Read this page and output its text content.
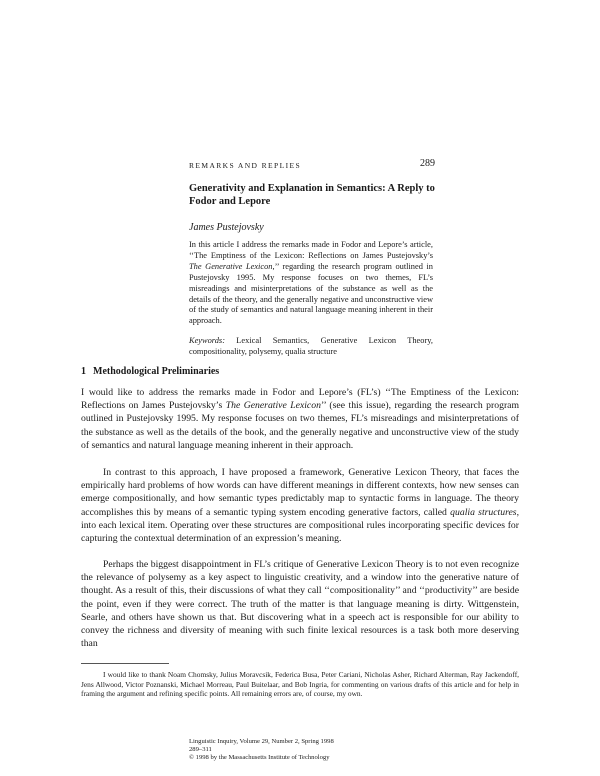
REMARKS AND REPLIES	289
Generativity and Explanation in Semantics: A Reply to
Fodor and Lepore
James Pustejovsky
In this article I address the remarks made in Fodor and Lepore’s article, ‘‘The Emptiness of the Lexicon: Reflections on James Pustejovsky’s The Generative Lexicon,’’ regarding the research program outlined in Pustejovsky 1995. My response focuses on two themes, FL’s misreadings and misinterpretations of the substance as well as the details of the theory, and the generally negative and unconstructive view of the study of semantics and natural language meaning inherent in their approach.
Keywords: Lexical Semantics, Generative Lexicon Theory, compositionality, polysemy, qualia structure
1 Methodological Preliminaries

I would like to address the remarks made in Fodor and Lepore’s (FL’s) ‘‘The Emptiness of the Lexicon: Reflections on James Pustejovsky’s The Generative Lexicon’’ (see this issue), regarding the research program outlined in Pustejovsky 1995. My response focuses on two themes, FL’s misreadings and misinterpretations of the substance as well as the details of the book, and the generally negative and unconstructive view of the study of semantics and natural language meaning inherent in their approach.

In contrast to this approach, I have proposed a framework, Generative Lexicon Theory, that faces the empirically hard problems of how words can have different meanings in different contexts, how new senses can emerge compositionally, and how semantic types predictably map to syntactic forms in language. The theory accomplishes this by means of a semantic typing system encoding generative factors, called qualia structures, into each lexical item. Operating over these structures are compositional rules incorporating specific devices for capturing the contextual determination of an expression’s meaning.

Perhaps the biggest disappointment in FL’s critique of Generative Lexicon Theory is to not even recognize the relevance of polysemy as a key aspect to linguistic creativity, and a window into the generative nature of thought. As a result of this, their discussions of what they call ‘‘compositionality’’ and ‘‘productivity’’ are beside the point, even if they were correct. The truth of the matter is that language meaning is dirty. Wittgenstein, Searle, and others have shown us that. But discovering what in a speech act is responsible for our ability to convey the richness and diversity of meaning with such finite lexical resources is a task both more deserving than

I would like to thank Noam Chomsky, Julius Moravcsik, Federica Busa, Peter Cariani, Nicholas Asher, Richard Alterman, Ray Jackendoff, Jens Allwood, Victor Poznanski, Michael Morreau, Paul Buitelaar, and Bob Ingria, for commenting on various drafts of this article and for help in framing the argument and refining specific points. All remaining errors are, of course, my own.

Linguistic Inquiry, Volume 29, Number 2, Spring 1998
289–311
© 1998 by the Massachusetts Institute of Technology
